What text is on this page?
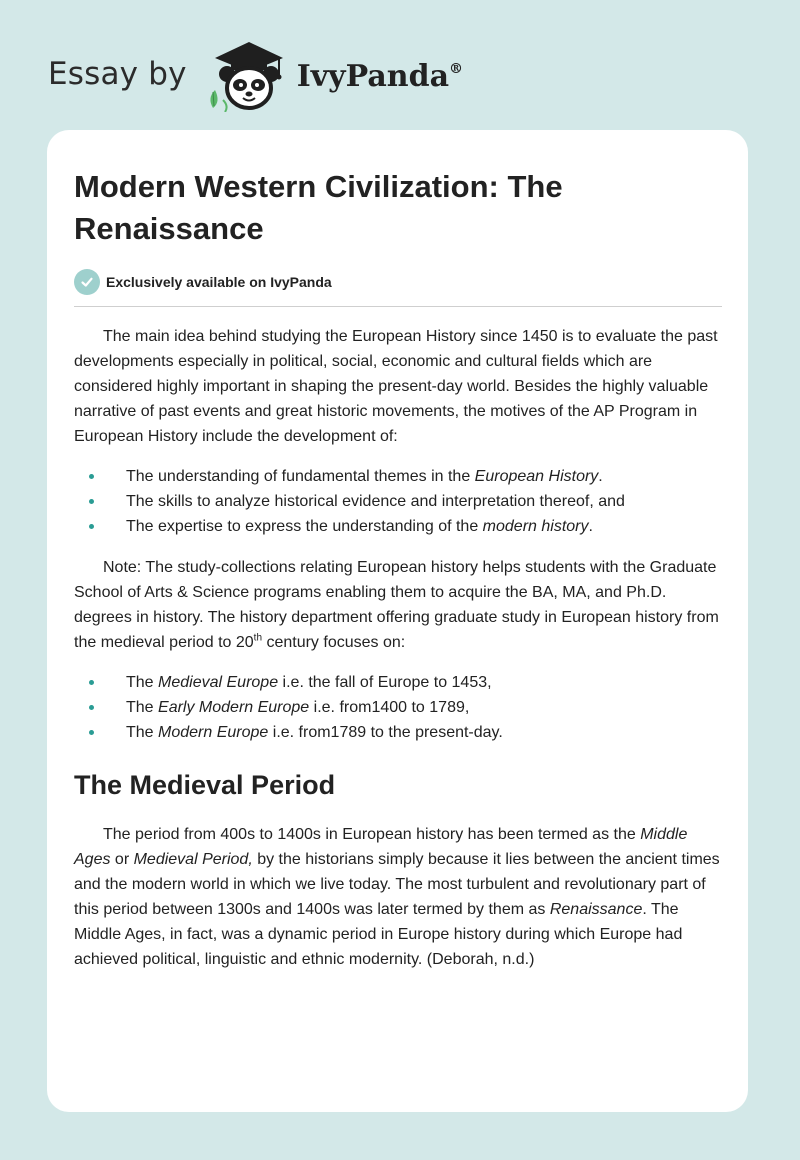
Essay by	IvyPanda®
Modern Western Civilization: The Renaissance
Exclusively available on IvyPanda

The main idea behind studying the European History since 1450 is to evaluate the past developments especially in political, social, economic and cultural fields which are considered highly important in shaping the present-day world. Besides the highly valuable narrative of past events and great historic movements, the motives of the AP Program in European History include the development of:

The understanding of fundamental themes in the European History.
The skills to analyze historical evidence and interpretation thereof, and
The expertise to express the understanding of the modern history.

Note: The study-collections relating European history helps students with the Graduate School of Arts & Science programs enabling them to acquire the BA, MA, and Ph.D. degrees in history. The history department offering graduate study in European history from the medieval period to 20th century focuses on:

The Medieval Europe i.e. the fall of Europe to 1453,
The Early Modern Europe i.e. from1400 to 1789,
The Modern Europe i.e. from1789 to the present-day.
The Medieval Period

The period from 400s to 1400s in European history has been termed as the Middle Ages or Medieval Period, by the historians simply because it lies between the ancient times and the modern world in which we live today. The most turbulent and revolutionary part of this period between 1300s and 1400s was later termed by them as Renaissance. The Middle Ages, in fact, was a dynamic period in Europe history during which Europe had achieved political, linguistic and ethnic modernity. (Deborah, n.d.)
